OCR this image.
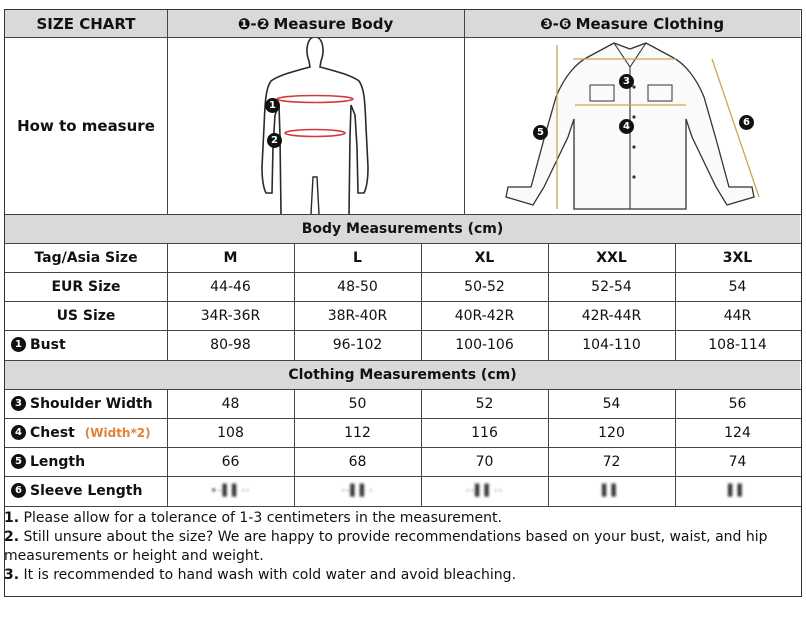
SIZE CHART	❶-❷ Measure Body	❸-❻ Measure Clothing
How to measure
1
2
3
4
5
6
Body Measurements (cm)
Tag/Asia Size	M	L	XL	XXL	3XL
EUR Size	44-46	48-50	50-52	52-54	54
US Size	34R-36R	38R-40R	40R-42R	42R-44R	44R
1 Bust	80-98	96-102	100-106	104-110	108-114
Clothing Measurements (cm)
3 Shoulder Width	48	50	52	54	56
4 Chest (Width*2)	108	112	116	120	124
5 Length	66	68	70	72	74
6 Sleeve Length	•·▌▌··	··▌▌·	··▌▌··	▌▌	▌▌

1. Please allow for a tolerance of 1-3 centimeters in the measurement.

2. Still unsure about the size? We are happy to provide recommendations based on your bust, waist, and hip measurements or height and weight.

3. It is recommended to hand wash with cold water and avoid bleaching.
